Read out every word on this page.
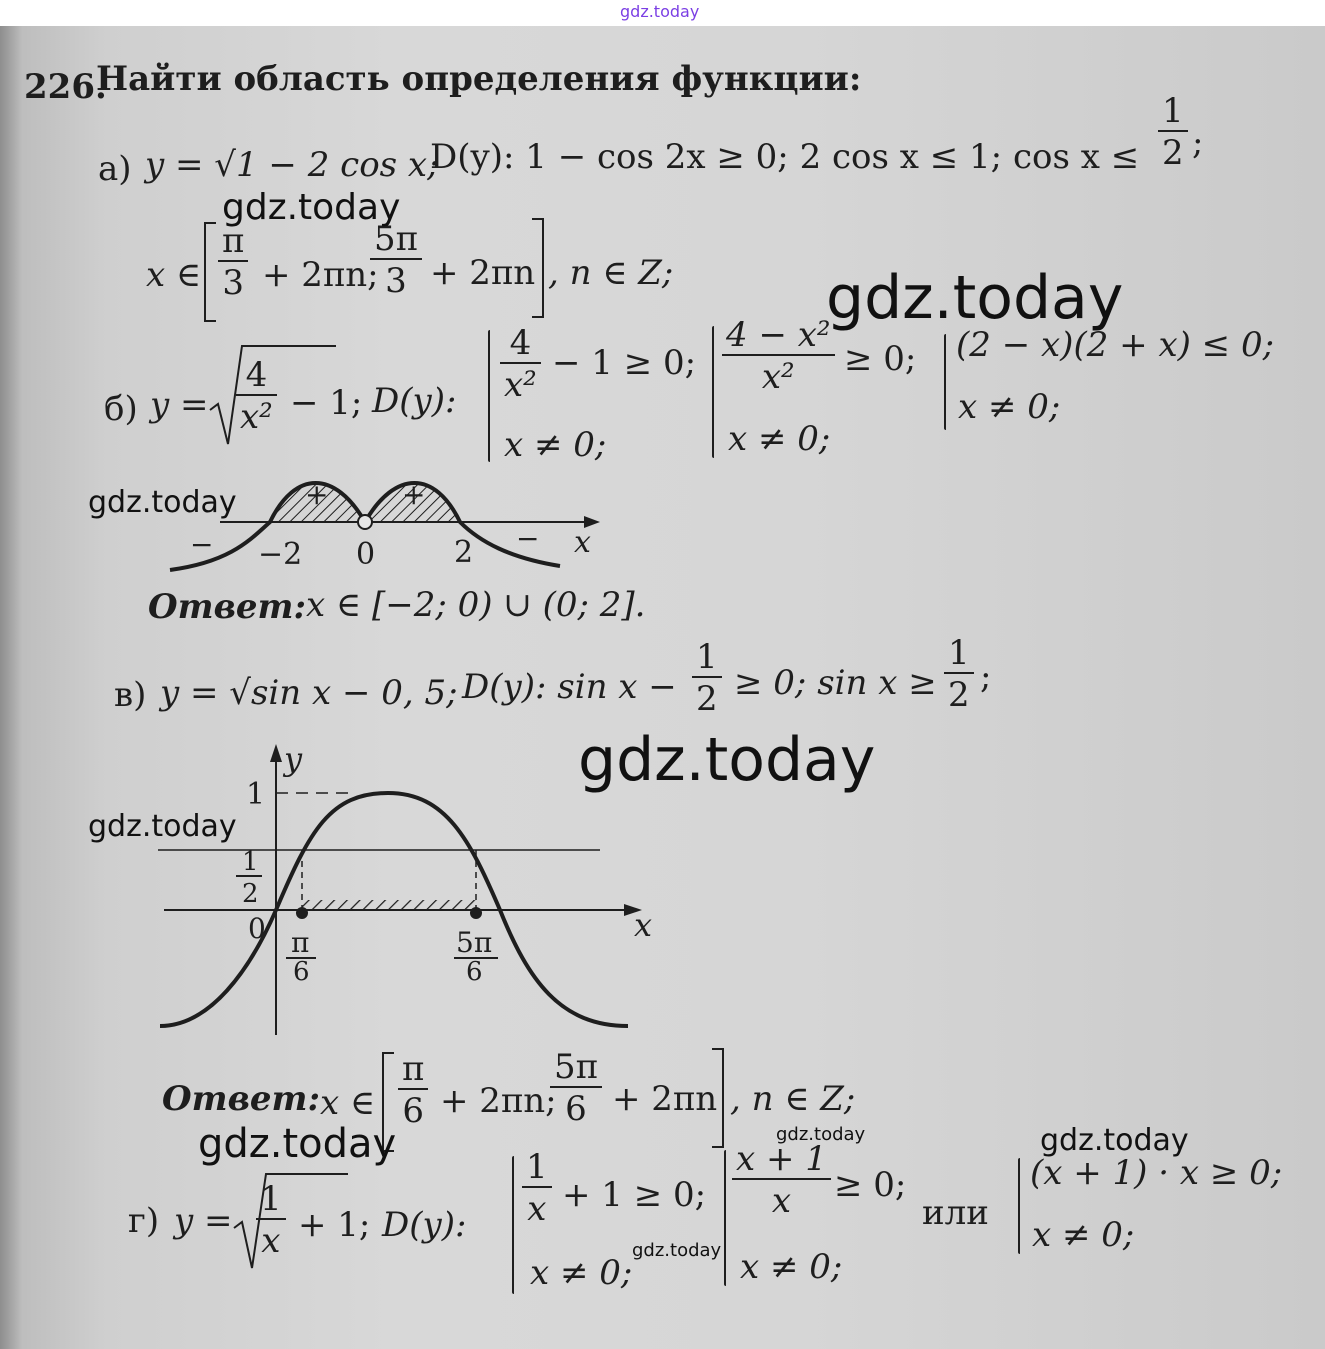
gdz.today
226.
Найти область определения функции:
а) y = √1 − 2 cos x;
D(y): 1 − cos 2x ≥ 0; 2 cos x ≤ 1; $\cos x \le \frac{1}{2}$ ;
x ∈ $\frac{\pi}{3} + 2\pi n$;
$\frac{5\pi}{3} + 2\pi n$ , n ∈ Z;
б) $y = \frac{4}{\text{x²}} - 1$; D(y): $\frac{4}{\text{x²}} - 1 \ge 0$;
x ≠ 0;
$\frac{\text{4 − x²}}{\text{x²}} \ge 0$;
x ≠ 0;
(2 − x)(2 + x) ≤ 0;
x ≠ 0;
+	+
−	−
−2 0	2	x
Ответ: x ∈ [−2; 0) ∪ (0; 2].
в) y = √sin x − 0, 5; D(y): $\sin x - \frac{1}{2} \ge 0$; $\sin x \ge \frac{1}{2}$ ;
y
x
1
1
2
0 π
6
5π
6
Ответ: x ∈ $\frac{\pi}{6} + 2\pi n$;
$\frac{5\pi}{6} + 2\pi n$ , n ∈ Z;
г) $y = \frac{1}{x} + 1$; D(y): $\frac{1}{x} + 1 \ge 0$;
x ≠ 0;
$\frac{x + 1}{x} \ge 0$;
x ≠ 0;
или
(x + 1) · x ≥ 0;
x ≠ 0;
gdz.today
gdz.today
gdz.today
gdz.today
gdz.today
gdz.today	gdz.today	gdz.today
gdz.today
